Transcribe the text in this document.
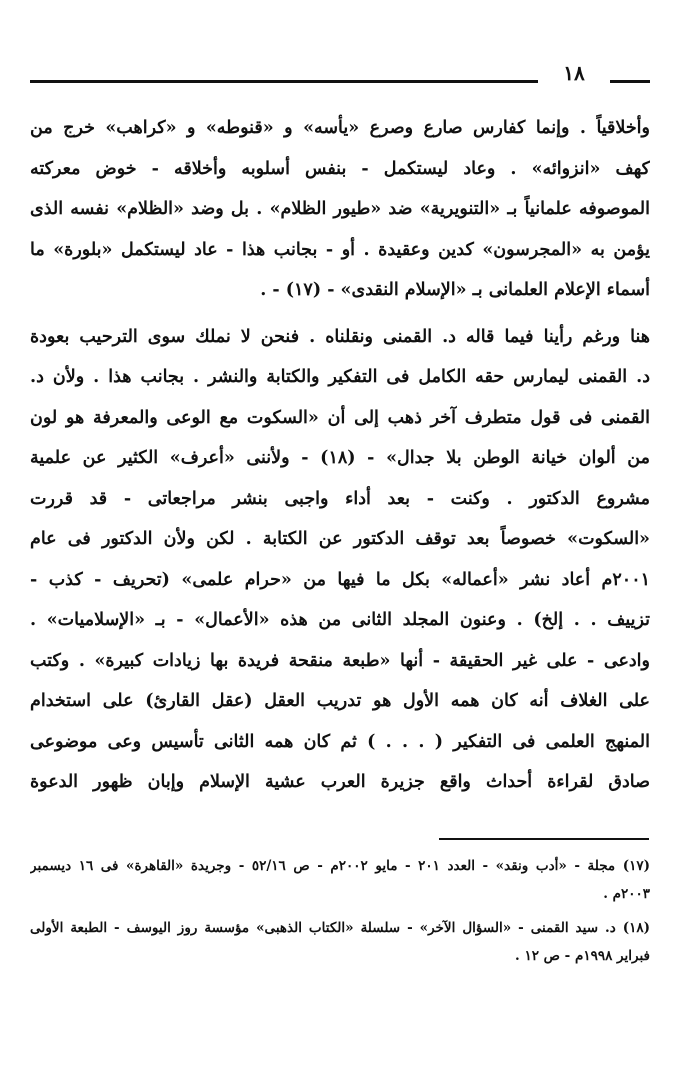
١٨
وأخلاقياً . وإنما كفارس صارع وصرع «يأسه» و «قنوطه» و «كراهب» خرج من
كهف «انزوائه» . وعاد ليستكمل - بنفس أسلوبه وأخلاقه - خوض معركته
الموصوفه علمانياً بـ «التنويرية» ضد «طيور الظلام» . بل وضد «الظلام» نفسه الذى
يؤمن به «المجرسون» كدين وعقيدة . أو - بجانب هذا - عاد ليستكمل «بلورة» ما
أسماء الإعلام العلمانى بـ «الإسلام النقدى» - (١٧) - .
هنا ورغم رأينا فيما قاله د. القمنى ونقلناه . فنحن لا نملك سوى الترحيب بعودة
د. القمنى ليمارس حقه الكامل فى التفكير والكتابة والنشر . بجانب هذا . ولأن د.
القمنى فى قول متطرف آخر ذهب إلى أن «السكوت مع الوعى والمعرفة هو لون
من ألوان خيانة الوطن بلا جدال» - (١٨) - ولأننى «أعرف» الكثير عن علمية
مشروع الدكتور . وكنت - بعد أداء واجبى بنشر مراجعاتى - قد قررت
«السكوت» خصوصاً بعد توقف الدكتور عن الكتابة . لكن ولأن الدكتور فى عام
٢٠٠١م أعاد نشر «أعماله» بكل ما فيها من «حرام علمى» (تحريف - كذب -
تزييف . . إلخ) . وعنون المجلد الثانى من هذه «الأعمال» - بـ «الإسلاميات» .
وادعى - على غير الحقيقة - أنها «طبعة منقحة فريدة بها زيادات كبيرة» . وكتب
على الغلاف أنه كان همه الأول هو تدريب العقل (عقل القارئ) على استخدام
المنهج العلمى فى التفكير ( . . . ) ثم كان همه الثانى تأسيس وعى موضوعى
صادق لقراءة أحداث واقع جزيرة العرب عشية الإسلام وإبان ظهور الدعوة
(١٧) مجلة - «أدب ونقد» - العدد ٢٠١ - مايو ٢٠٠٢م - ص ٥٢/١٦ - وجريدة «القاهرة» فى ١٦ ديسمبر
٢٠٠٣م .
(١٨) د. سيد القمنى - «السؤال الآخر» - سلسلة «الكتاب الذهبى» مؤسسة روز اليوسف - الطبعة الأولى
فبراير ١٩٩٨م - ص ١٢ .
